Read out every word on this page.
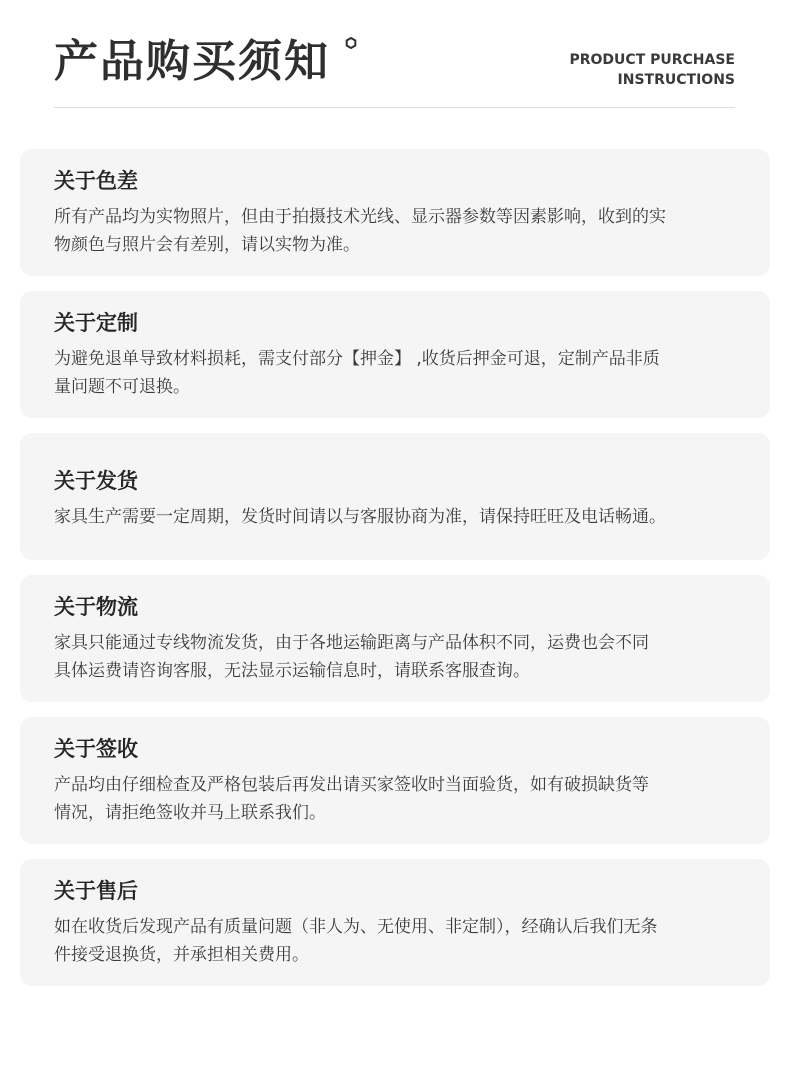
产品购买须知	PRODUCT PURCHASE
INSTRUCTIONS
关于色差
所有产品均为实物照片，但由于拍摄技术光线、显示器参数等因素影响，收到的实
物颜色与照片会有差别，请以实物为准。
关于定制
为避免退单导致材料损耗，需支付部分【押金】 ,收货后押金可退，定制产品非质
量问题不可退换。
关于发货
家具生产需要一定周期，发货时间请以与客服协商为准，请保持旺旺及电话畅通。
关于物流
家具只能通过专线物流发货，由于各地运输距离与产品体积不同，运费也会不同
具体运费请咨询客服，无法显示运输信息时，请联系客服查询。
关于签收
产品均由仔细检查及严格包装后再发出请买家签收时当面验货，如有破损缺货等
情况，请拒绝签收并马上联系我们。
关于售后
如在收货后发现产品有质量问题（非人为、无使用、非定制），经确认后我们无条
件接受退换货，并承担相关费用。
